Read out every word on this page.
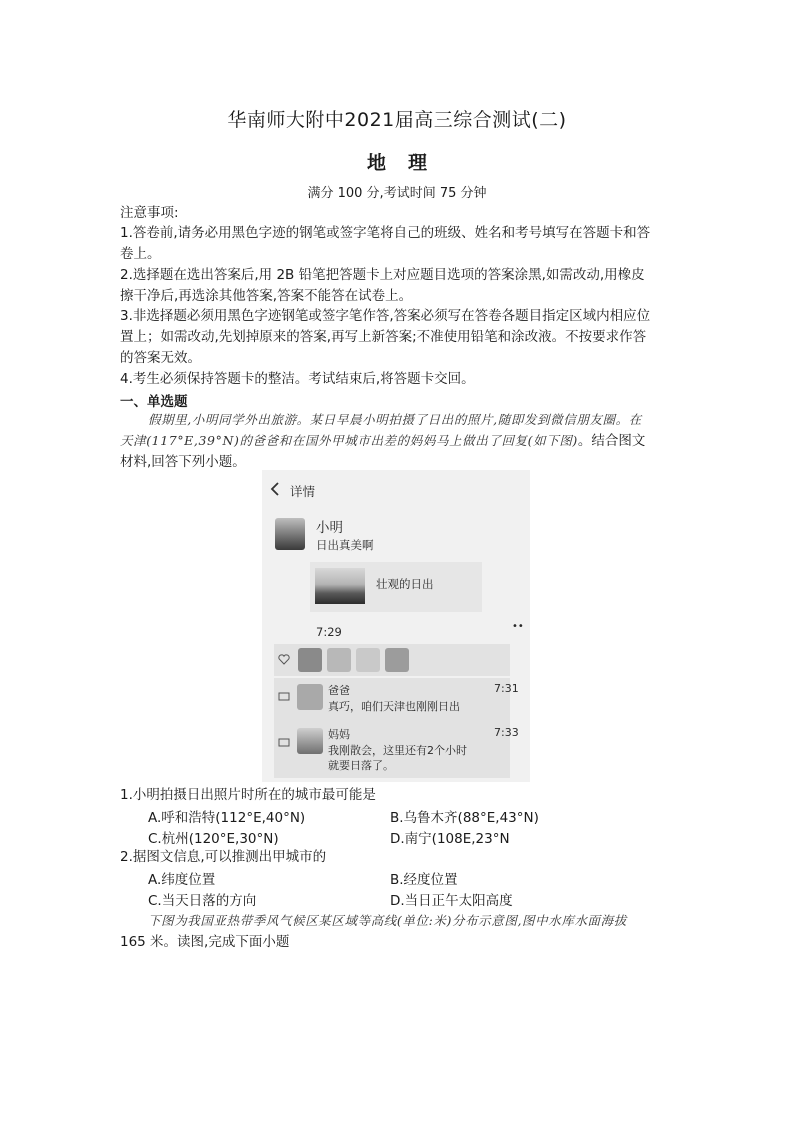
华南师大附中2021届高三综合测试(二)
地 理
满分 100 分,考试时间 75 分钟
注意事项:
1.答卷前,请务必用黑色字迹的钢笔或签字笔将自己的班级、姓名和考号填写在答题卡和答
卷上。
2.选择题在选出答案后,用 2B 铅笔把答题卡上对应题目选项的答案涂黑,如需改动,用橡皮
擦干净后,再选涂其他答案,答案不能答在试卷上。
3.非选择题必须用黑色字迹钢笔或签字笔作答,答案必须写在答卷各题目指定区域内相应位
置上；如需改动,先划掉原来的答案,再写上新答案;不准使用铅笔和涂改液。不按要求作答
的答案无效。
4.考生必须保持答题卡的整洁。考试结束后,将答题卡交回。
一、单选题
假期里,小明同学外出旅游。某日早晨小明拍摄了日出的照片,随即发到微信朋友圈。在
天津(117°E,39°N)的爸爸和在国外甲城市出差的妈妈马上做出了回复(如下图)。结合图文
材料,回答下列小题。
详情
小明
日出真美啊
壮观的日出
7:29	••
爸爸	7:31
真巧，咱们天津也刚刚日出
妈妈	7:33
我刚散会，这里还有2个小时
就要日落了。
1.小明拍摄日出照片时所在的城市最可能是
A.呼和浩特(112°E,40°N)	B.乌鲁木齐(88°E,43°N)
C.杭州(120°E,30°N)	D.南宁(108E,23°N
2.据图文信息,可以推测出甲城市的
A.纬度位置	B.经度位置
C.当天日落的方向	D.当日正午太阳高度
下图为我国亚热带季风气候区某区域等高线(单位:米)分布示意图,图中水库水面海拔
165 米。读图,完成下面小题
